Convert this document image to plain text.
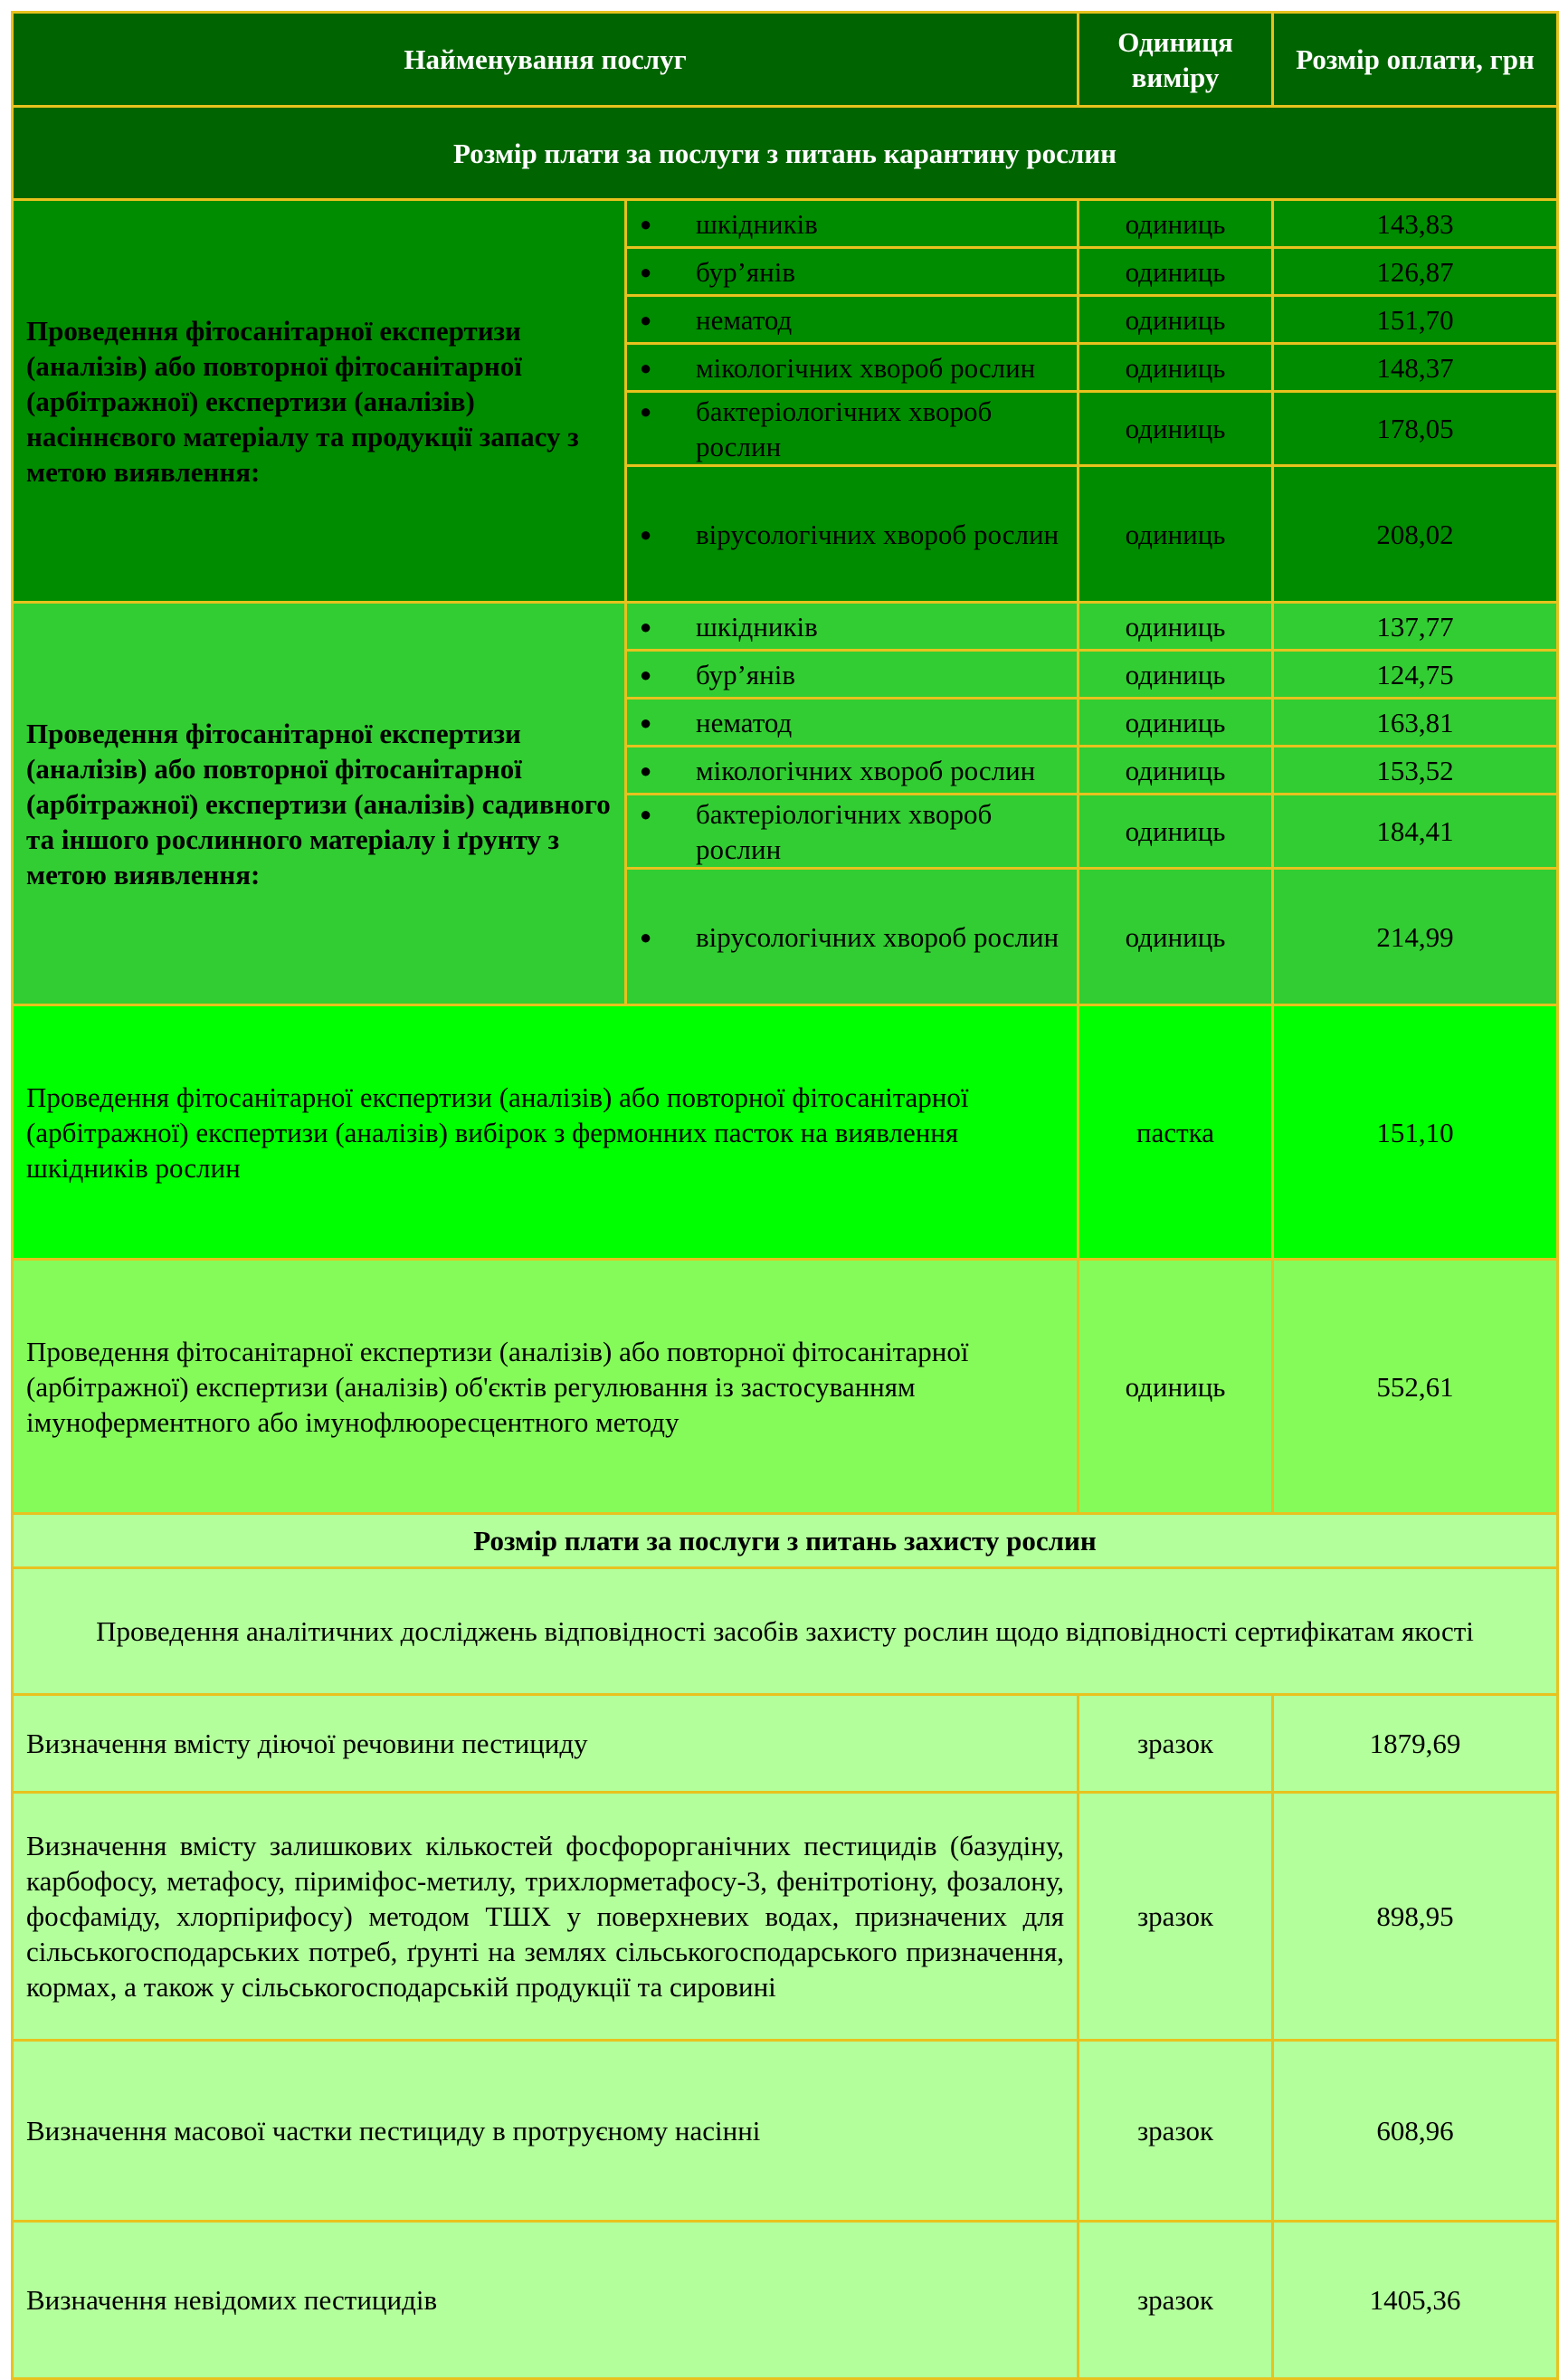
Найменування послуг		Одиниця виміру	Розмір оплати, грн
Розмір плати за послуги з питань карантину рослин			
Проведення фітосанітарної експертизи (аналізів) або повторної фітосанітарної (арбітражної) експертизи (аналізів) насіннєвого матеріалу та продукції запасу з метою виявлення:	● шкідників	одиниць	143,83

	● бур’янів	одиниць	126,87

	● нематод	одиниць	151,70

	● мікологічних хвороб рослин	одиниць	148,37

	● бактеріологічних хвороб рослин	одиниць	178,05

	● вірусологічних хвороб рослин	одиниць	208,02
Проведення фітосанітарної експертизи (аналізів) або повторної фітосанітарної (арбітражної) експертизи (аналізів) садивного та іншого рослинного матеріалу і ґрунту з метою виявлення:	● шкідників	одиниць	137,77

	● бур’янів	одиниць	124,75

	● нематод	одиниць	163,81

	● мікологічних хвороб рослин	одиниць	153,52

	● бактеріологічних хвороб рослин	одиниць	184,41

	● вірусологічних хвороб рослин	одиниць	214,99
Проведення фітосанітарної експертизи (аналізів) або повторної фітосанітарної (арбітражної) експертизи (аналізів) вибірок з фермонних пасток на виявлення шкідників рослин		пастка	151,10
Проведення фітосанітарної експертизи (аналізів) або повторної фітосанітарної (арбітражної) експертизи (аналізів) об'єктів регулювання із застосуванням імуноферментного або імунофлюоресцентного методу		одиниць	552,61
Розмір плати за послуги з питань захисту рослин			
Проведення аналітичних досліджень відповідності засобів захисту рослин щодо відповідності сертифікатам якості			
Визначення вмісту діючої речовини пестициду		зразок	1879,69
Визначення вмісту залишкових кількостей фосфорорганічних пестицидів (базудіну, карбофосу, метафосу, піриміфос-метилу, трихлорметафосу-3, фенітротіону, фозалону, фосфаміду, хлорпірифосу) методом ТШХ у поверхневих водах, призначених для сільськогосподарських потреб, ґрунті на землях сільськогосподарського призначення, кормах, а також у сільськогосподарській продукції та сировині		зразок	898,95
Визначення масової частки пестициду в протруєному насінні		зразок	608,96
Визначення невідомих пестицидів		зразок	1405,36
